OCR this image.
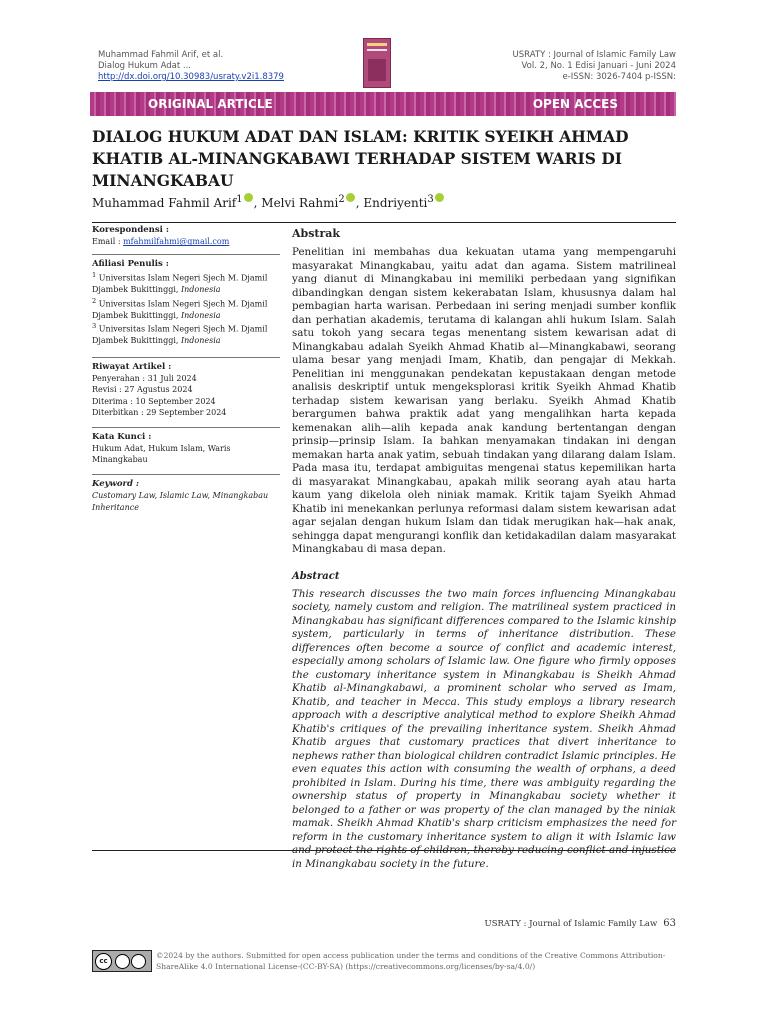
Muhammad Fahmil Arif, et al.
Dialog Hukum Adat ...
http://dx.doi.org/10.30983/usraty.v2i1.8379
USRATY : Journal of Islamic Family Law
Vol. 2, No. 1 Edisi Januari - Juni 2024
e-ISSN: 3026-7404 p-ISSN:
ORIGINAL ARTICLE	OPEN ACCES
DIALOG HUKUM ADAT DAN ISLAM: KRITIK SYEIKH AHMAD KHATIB AL-MINANGKABAWI TERHADAP SISTEM WARIS DI MINANGKABAU
Muhammad Fahmil Arif$^1$ , Melvi Rahmi$^2$ , Endriyenti$^3$
Korespondensi :
Email : mfahmilfahmi@gmail.com
Afiliasi Penulis :
$^1$ Universitas Islam Negeri Sjech M. Djamil Djambek Bukittinggi, Indonesia
$^2$ Universitas Islam Negeri Sjech M. Djamil Djambek Bukittinggi, Indonesia
$^3$ Universitas Islam Negeri Sjech M. Djamil Djambek Bukittinggi, Indonesia
Riwayat Artikel :
Penyerahan : 31 Juli 2024
Revisi : 27 Agustus 2024
Diterima : 10 September 2024
Diterbitkan : 29 September 2024
Kata Kunci :
Hukum Adat, Hukum Islam, Waris Minangkabau
Keyword :
Customary Law, Islamic Law, Minangkabau Inheritance
Abstrak
Penelitian ini membahas dua kekuatan utama yang mempengaruhi masyarakat Minangkabau, yaitu adat dan agama. Sistem matrilineal yang dianut di Minangkabau ini memiliki perbedaan yang signifikan dibandingkan dengan sistem kekerabatan Islam, khususnya dalam hal pembagian harta warisan. Perbedaan ini sering menjadi sumber konflik dan perhatian akademis, terutama di kalangan ahli hukum Islam. Salah satu tokoh yang secara tegas menentang sistem kewarisan adat di Minangkabau adalah Syeikh Ahmad Khatib al—Minangkabawi, seorang ulama besar yang menjadi Imam, Khatib, dan pengajar di Mekkah. Penelitian ini menggunakan pendekatan kepustakaan dengan metode analisis deskriptif untuk mengeksplorasi kritik Syeikh Ahmad Khatib terhadap sistem kewarisan yang berlaku. Syeikh Ahmad Khatib berargumen bahwa praktik adat yang mengalihkan harta kepada kemenakan alih—alih kepada anak kandung bertentangan dengan prinsip—prinsip Islam. Ia bahkan menyamakan tindakan ini dengan memakan harta anak yatim, sebuah tindakan yang dilarang dalam Islam. Pada masa itu, terdapat ambiguitas mengenai status kepemilikan harta di masyarakat Minangkabau, apakah milik seorang ayah atau harta kaum yang dikelola oleh niniak mamak. Kritik tajam Syeikh Ahmad Khatib ini menekankan perlunya reformasi dalam sistem kewarisan adat agar sejalan dengan hukum Islam dan tidak merugikan hak—hak anak, sehingga dapat mengurangi konflik dan ketidakadilan dalam masyarakat Minangkabau di masa depan.
Abstract
This research discusses the two main forces influencing Minangkabau society, namely custom and religion. The matrilineal system practiced in Minangkabau has significant differences compared to the Islamic kinship system, particularly in terms of inheritance distribution. These differences often become a source of conflict and academic interest, especially among scholars of Islamic law. One figure who firmly opposes the customary inheritance system in Minangkabau is Sheikh Ahmad Khatib al-Minangkabawi, a prominent scholar who served as Imam, Khatib, and teacher in Mecca. This study employs a library research approach with a descriptive analytical method to explore Sheikh Ahmad Khatib's critiques of the prevailing inheritance system. Sheikh Ahmad Khatib argues that customary practices that divert inheritance to nephews rather than biological children contradict Islamic principles. He even equates this action with consuming the wealth of orphans, a deed prohibited in Islam. During his time, there was ambiguity regarding the ownership status of property in Minangkabau society whether it belonged to a father or was property of the clan managed by the niniak mamak. Sheikh Ahmad Khatib's sharp criticism emphasizes the need for reform in the customary inheritance system to align it with Islamic law and protect the rights of children, thereby reducing conflict and injustice in Minangkabau society in the future.
USRATY : Journal of Islamic Family Law 63
cc
©2024 by the authors. Submitted for open access publication under the terms and conditions of the Creative Commons Attribution-ShareAlike 4.0 International License-(CC-BY-SA) (https://creativecommons.org/licenses/by-sa/4.0/)
